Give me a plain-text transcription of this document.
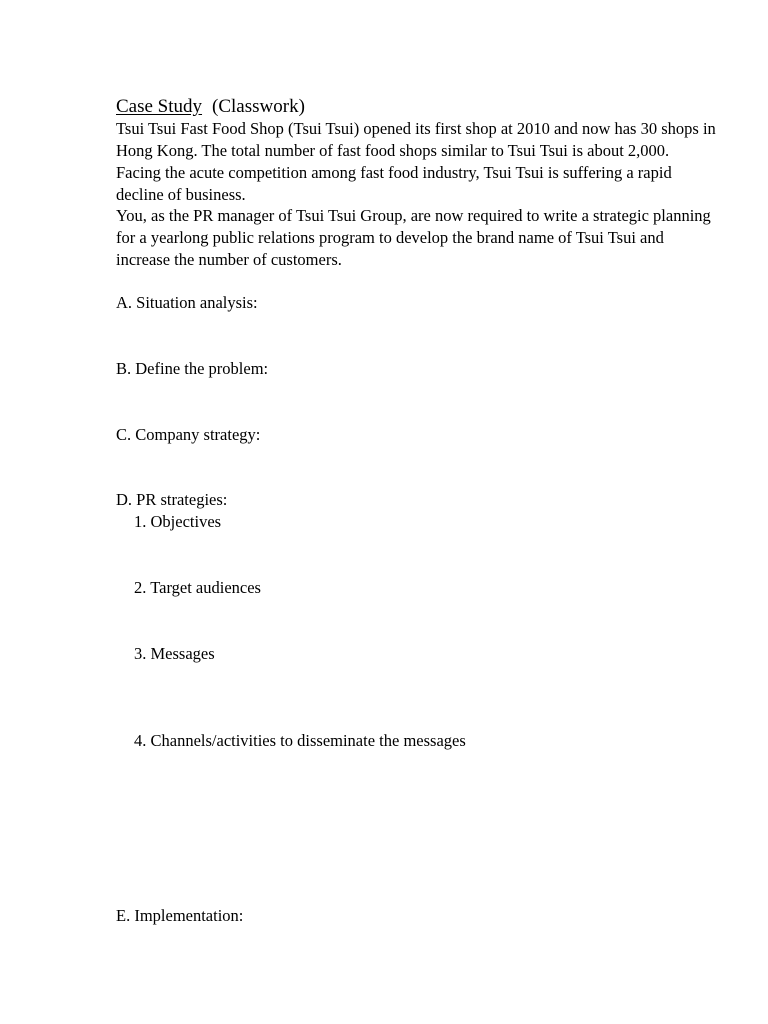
Case Study (Classwork)

Tsui Tsui Fast Food Shop (Tsui Tsui) opened its first shop at 2010 and now has 30 shops in Hong Kong. The total number of fast food shops similar to Tsui Tsui is about 2,000. Facing the acute competition among fast food industry, Tsui Tsui is suffering a rapid decline of business.

You, as the PR manager of Tsui Tsui Group, are now required to write a strategic planning for a yearlong public relations program to develop the brand name of Tsui Tsui and increase the number of customers.

A. Situation analysis:
B. Define the problem:
C. Company strategy:
D. PR strategies:
1. Objectives
2. Target audiences
3. Messages
4. Channels/activities to disseminate the messages
E. Implementation:
